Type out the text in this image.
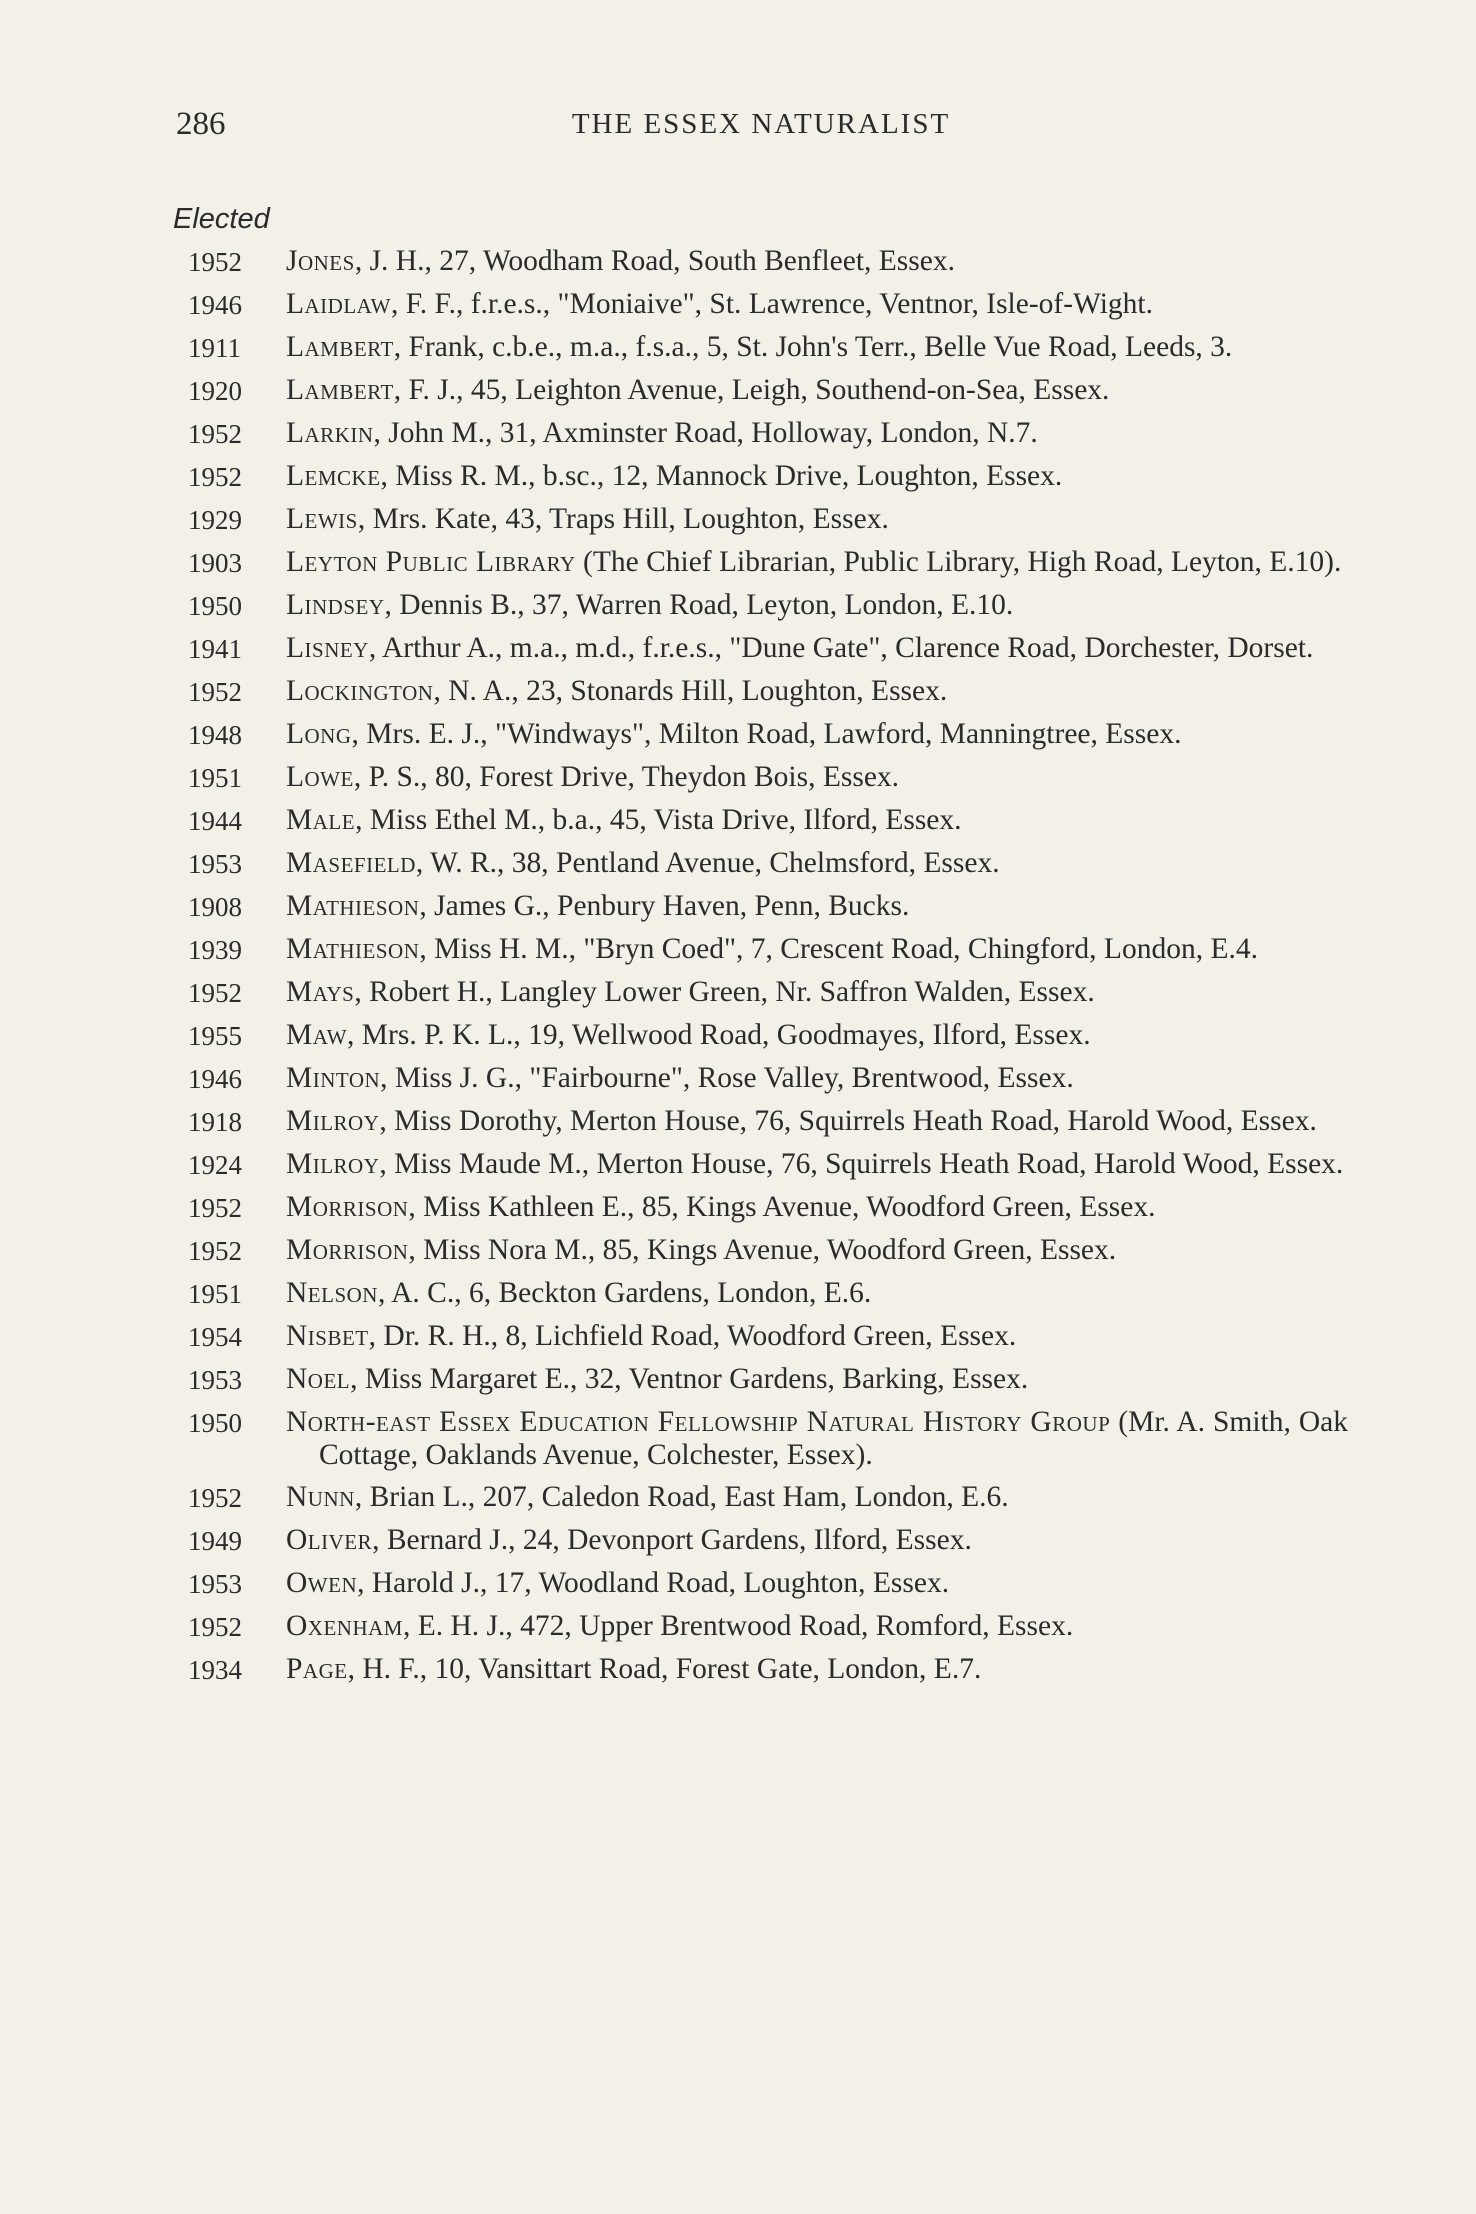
286	THE ESSEX NATURALIST
Elected
1952	Jones, J. H., 27, Woodham Road, South Benfleet, Essex.
1946	Laidlaw, F. F., f.r.e.s., "Moniaive", St. Lawrence, Ventnor, Isle-of-Wight.
1911	Lambert, Frank, c.b.e., m.a., f.s.a., 5, St. John's Terr., Belle Vue Road, Leeds, 3.
1920	Lambert, F. J., 45, Leighton Avenue, Leigh, Southend-on-Sea, Essex.
1952	Larkin, John M., 31, Axminster Road, Holloway, London, N.7.
1952	Lemcke, Miss R. M., b.sc., 12, Mannock Drive, Loughton, Essex.
1929	Lewis, Mrs. Kate, 43, Traps Hill, Loughton, Essex.
1903	Leyton Public Library (The Chief Librarian, Public Library, High Road, Leyton, E.10).
1950	Lindsey, Dennis B., 37, Warren Road, Leyton, London, E.10.
1941	Lisney, Arthur A., m.a., m.d., f.r.e.s., "Dune Gate", Clarence Road, Dorchester, Dorset.
1952	Lockington, N. A., 23, Stonards Hill, Loughton, Essex.
1948	Long, Mrs. E. J., "Windways", Milton Road, Lawford, Manningtree, Essex.
1951	Lowe, P. S., 80, Forest Drive, Theydon Bois, Essex.
1944	Male, Miss Ethel M., b.a., 45, Vista Drive, Ilford, Essex.
1953	Masefield, W. R., 38, Pentland Avenue, Chelmsford, Essex.
1908	Mathieson, James G., Penbury Haven, Penn, Bucks.
1939	Mathieson, Miss H. M., "Bryn Coed", 7, Crescent Road, Chingford, London, E.4.
1952	Mays, Robert H., Langley Lower Green, Nr. Saffron Walden, Essex.
1955	Maw, Mrs. P. K. L., 19, Wellwood Road, Goodmayes, Ilford, Essex.
1946	Minton, Miss J. G., "Fairbourne", Rose Valley, Brentwood, Essex.
1918	Milroy, Miss Dorothy, Merton House, 76, Squirrels Heath Road, Harold Wood, Essex.
1924	Milroy, Miss Maude M., Merton House, 76, Squirrels Heath Road, Harold Wood, Essex.
1952	Morrison, Miss Kathleen E., 85, Kings Avenue, Woodford Green, Essex.
1952	Morrison, Miss Nora M., 85, Kings Avenue, Woodford Green, Essex.
1951	Nelson, A. C., 6, Beckton Gardens, London, E.6.
1954	Nisbet, Dr. R. H., 8, Lichfield Road, Woodford Green, Essex.
1953	Noel, Miss Margaret E., 32, Ventnor Gardens, Barking, Essex.
1950	North-east Essex Education Fellowship Natural History Group (Mr. A. Smith, Oak Cottage, Oaklands Avenue, Colchester, Essex).
1952	Nunn, Brian L., 207, Caledon Road, East Ham, London, E.6.
1949	Oliver, Bernard J., 24, Devonport Gardens, Ilford, Essex.
1953	Owen, Harold J., 17, Woodland Road, Loughton, Essex.
1952	Oxenham, E. H. J., 472, Upper Brentwood Road, Romford, Essex.
1934	Page, H. F., 10, Vansittart Road, Forest Gate, London, E.7.
